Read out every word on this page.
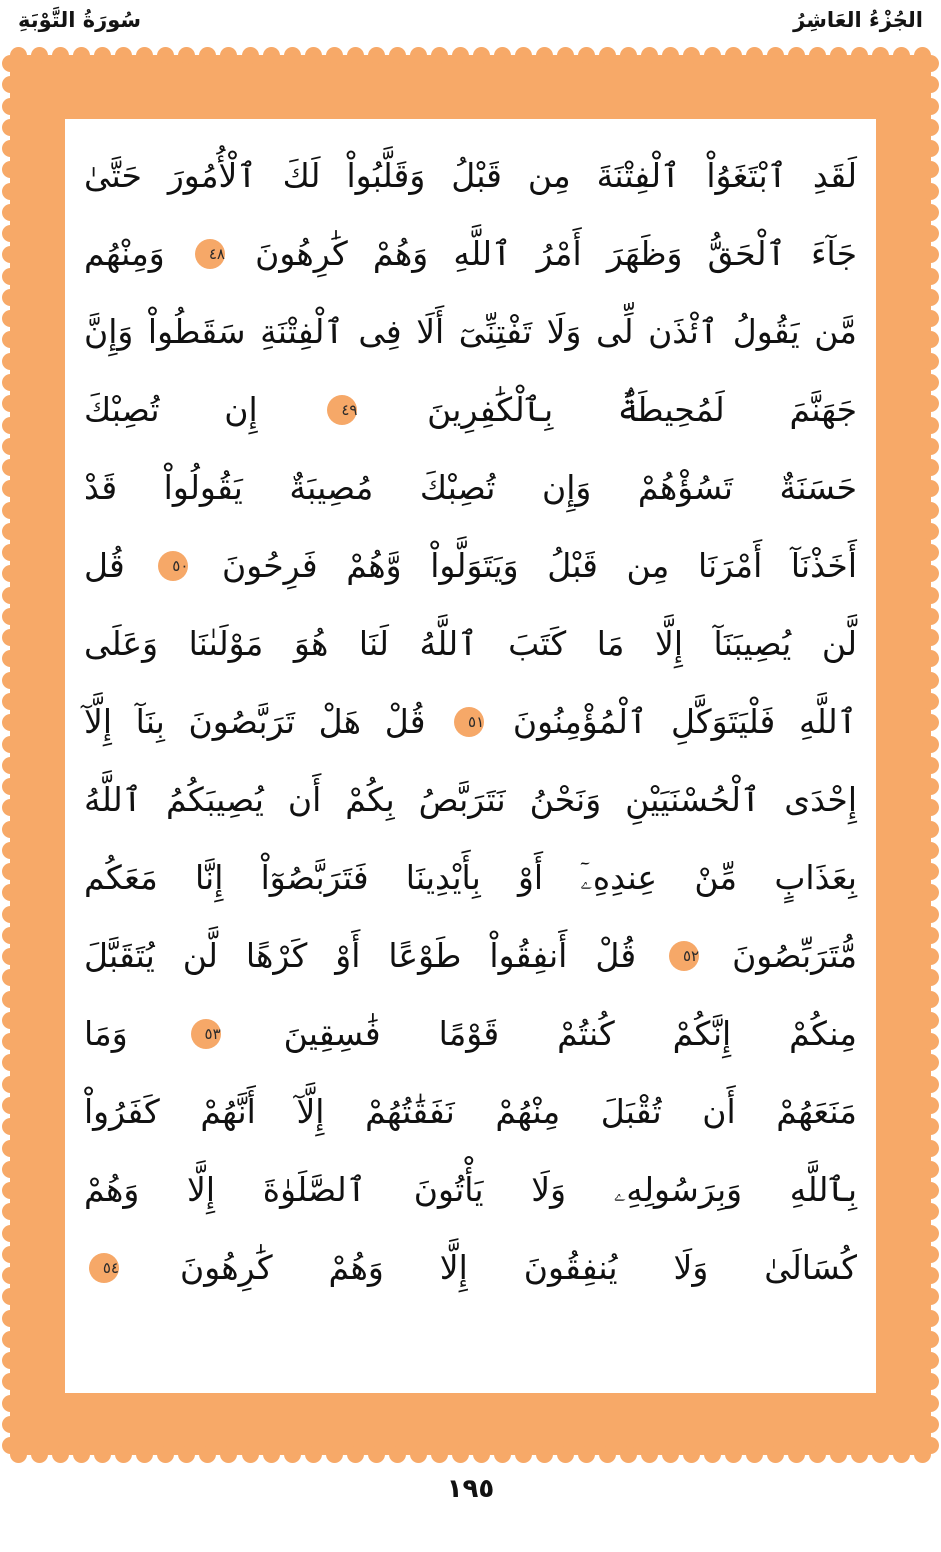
الجُزْءُ العَاشِرُ
سُورَةُ التَّوْبَةِ
لَقَدِ ٱبْتَغَوُاْ ٱلْفِتْنَةَ مِن قَبْلُ وَقَلَّبُواْ لَكَ ٱلْأُمُورَ حَتَّىٰ
جَآءَ ٱلْحَقُّ وَظَهَرَ أَمْرُ ٱللَّهِ وَهُمْ كَٰرِهُونَ ٤٨ وَمِنْهُم
مَّن يَقُولُ ٱئْذَن لِّى وَلَا تَفْتِنِّىٓ أَلَا فِى ٱلْفِتْنَةِ سَقَطُواْ وَإِنَّ
جَهَنَّمَ لَمُحِيطَةٌۢ بِٱلْكَٰفِرِينَ ٤٩ إِن تُصِبْكَ
حَسَنَةٌ تَسُؤْهُمْ وَإِن تُصِبْكَ مُصِيبَةٌ يَقُولُواْ قَدْ
أَخَذْنَآ أَمْرَنَا مِن قَبْلُ وَيَتَوَلَّواْ وَّهُمْ فَرِحُونَ ٥٠ قُل
لَّن يُصِيبَنَآ إِلَّا مَا كَتَبَ ٱللَّهُ لَنَا هُوَ مَوْلَىٰنَا وَعَلَى
ٱللَّهِ فَلْيَتَوَكَّلِ ٱلْمُؤْمِنُونَ ٥١ قُلْ هَلْ تَرَبَّصُونَ بِنَآ إِلَّآ
إِحْدَى ٱلْحُسْنَيَيْنِ وَنَحْنُ نَتَرَبَّصُ بِكُمْ أَن يُصِيبَكُمُ ٱللَّهُ
بِعَذَابٍ مِّنْ عِندِهِۦٓ أَوْ بِأَيْدِينَا فَتَرَبَّصُوٓاْ إِنَّا مَعَكُم
مُّتَرَبِّصُونَ ٥٢ قُلْ أَنفِقُواْ طَوْعًا أَوْ كَرْهًا لَّن يُتَقَبَّلَ
مِنكُمْ إِنَّكُمْ كُنتُمْ قَوْمًا فَٰسِقِينَ ٥٣ وَمَا
مَنَعَهُمْ أَن تُقْبَلَ مِنْهُمْ نَفَقَٰتُهُمْ إِلَّآ أَنَّهُمْ كَفَرُواْ
بِٱللَّهِ وَبِرَسُولِهِۦ وَلَا يَأْتُونَ ٱلصَّلَوٰةَ إِلَّا وَهُمْ
كُسَالَىٰ وَلَا يُنفِقُونَ إِلَّا وَهُمْ كَٰرِهُونَ ٥٤
١٩٥
